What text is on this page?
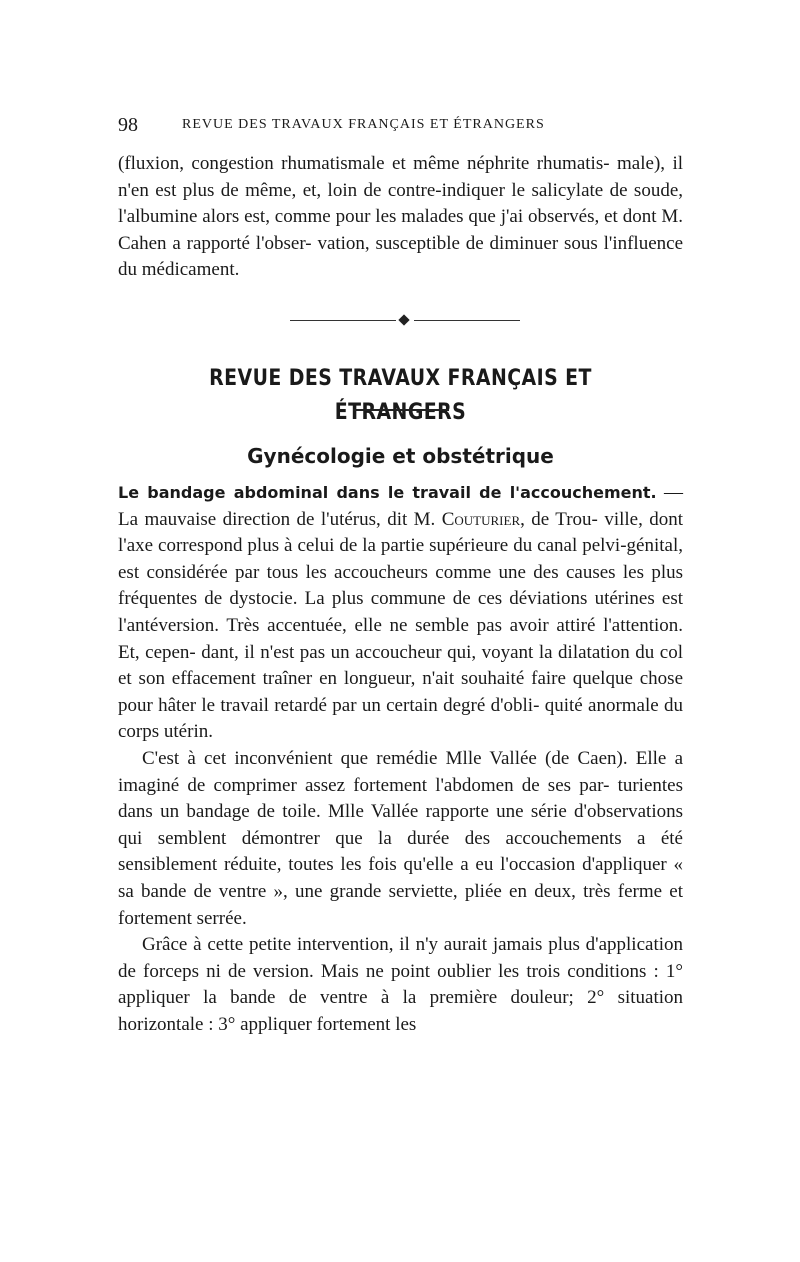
98	REVUE DES TRAVAUX FRANÇAIS ET ÉTRANGERS

(fluxion, congestion rhumatismale et même néphrite rhumatis- male), il n'en est plus de même, et, loin de contre-indiquer le salicylate de soude, l'albumine alors est, comme pour les malades que j'ai observés, et dont M. Cahen a rapporté l'obser- vation, susceptible de diminuer sous l'influence du médicament.

REVUE DES TRAVAUX FRANÇAIS ET ÉTRANGERS
Gynécologie et obstétrique

Le bandage abdominal dans le travail de l'accouchement. — La mauvaise direction de l'utérus, dit M. Couturier, de Trou- ville, dont l'axe correspond plus à celui de la partie supérieure du canal pelvi-génital, est considérée par tous les accoucheurs comme une des causes les plus fréquentes de dystocie. La plus commune de ces déviations utérines est l'antéversion. Très accentuée, elle ne semble pas avoir attiré l'attention. Et, cepen- dant, il n'est pas un accoucheur qui, voyant la dilatation du col et son effacement traîner en longueur, n'ait souhaité faire quelque chose pour hâter le travail retardé par un certain degré d'obli- quité anormale du corps utérin.

C'est à cet inconvénient que remédie Mlle Vallée (de Caen). Elle a imaginé de comprimer assez fortement l'abdomen de ses par- turientes dans un bandage de toile. Mlle Vallée rapporte une série d'observations qui semblent démontrer que la durée des accouchements a été sensiblement réduite, toutes les fois qu'elle a eu l'occasion d'appliquer « sa bande de ventre », une grande serviette, pliée en deux, très ferme et fortement serrée.

Grâce à cette petite intervention, il n'y aurait jamais plus d'application de forceps ni de version. Mais ne point oublier les trois conditions : 1° appliquer la bande de ventre à la première douleur; 2° situation horizontale : 3° appliquer fortement les
